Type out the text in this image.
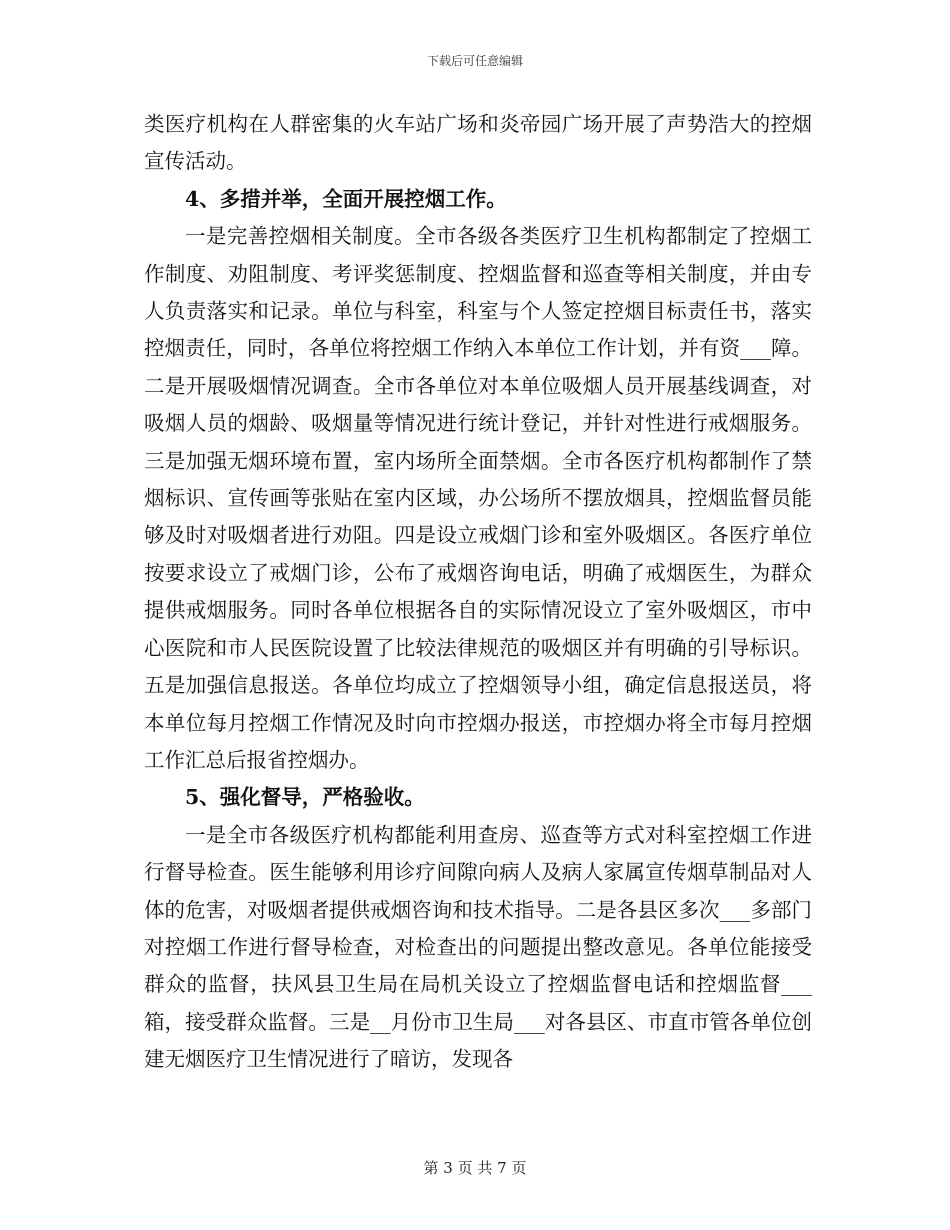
下载后可任意编辑

类医疗机构在人群密集的火车站广场和炎帝园广场开展了声势浩大的控烟宣传活动。

4、多措并举，全面开展控烟工作。

一是完善控烟相关制度。全市各级各类医疗卫生机构都制定了控烟工作制度、劝阻制度、考评奖惩制度、控烟监督和巡查等相关制度，并由专人负责落实和记录。单位与科室，科室与个人签定控烟目标责任书，落实控烟责任，同时，各单位将控烟工作纳入本单位工作计划，并有资___障。二是开展吸烟情况调查。全市各单位对本单位吸烟人员开展基线调查，对吸烟人员的烟龄、吸烟量等情况进行统计登记，并针对性进行戒烟服务。三是加强无烟环境布置，室内场所全面禁烟。全市各医疗机构都制作了禁烟标识、宣传画等张贴在室内区域，办公场所不摆放烟具，控烟监督员能够及时对吸烟者进行劝阻。四是设立戒烟门诊和室外吸烟区。各医疗单位按要求设立了戒烟门诊，公布了戒烟咨询电话，明确了戒烟医生，为群众提供戒烟服务。同时各单位根据各自的实际情况设立了室外吸烟区，市中心医院和市人民医院设置了比较法律规范的吸烟区并有明确的引导标识。五是加强信息报送。各单位均成立了控烟领导小组，确定信息报送员，将本单位每月控烟工作情况及时向市控烟办报送，市控烟办将全市每月控烟工作汇总后报省控烟办。

5、强化督导，严格验收。

一是全市各级医疗机构都能利用查房、巡查等方式对科室控烟工作进行督导检查。医生能够利用诊疗间隙向病人及病人家属宣传烟草制品对人体的危害，对吸烟者提供戒烟咨询和技术指导。二是各县区多次___多部门对控烟工作进行督导检查，对检查出的问题提出整改意见。各单位能接受群众的监督，扶风县卫生局在局机关设立了控烟监督电话和控烟监督___箱，接受群众监督。三是__月份市卫生局___对各县区、市直市管各单位创建无烟医疗卫生情况进行了暗访，发现各

第 3 页 共 7 页
